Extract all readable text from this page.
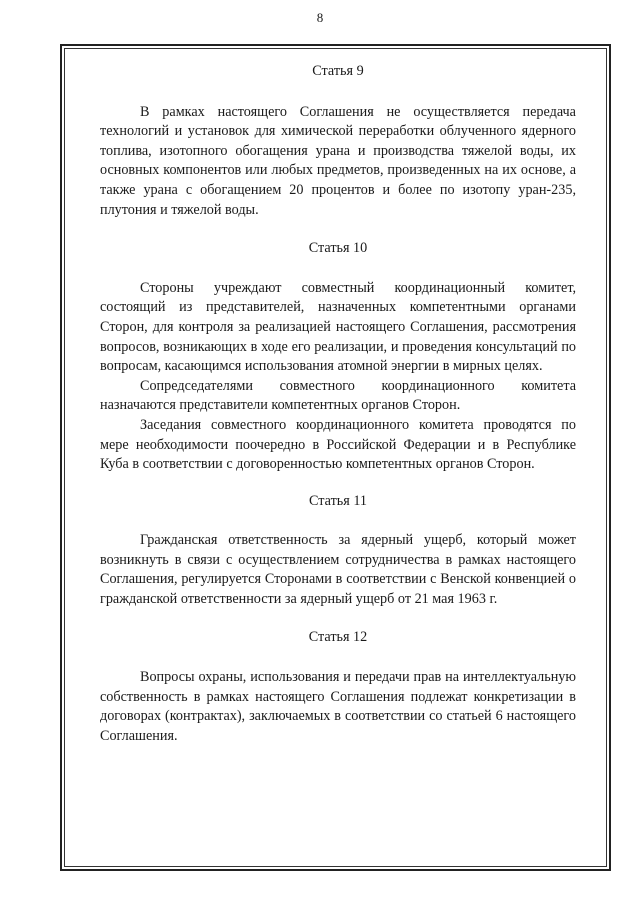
8

Статья 9

В рамках настоящего Соглашения не осуществляется передача технологий и установок для химической переработки облученного ядерного топлива, изотопного обогащения урана и производства тяжелой воды, их основных компонентов или любых предметов, произведенных на их основе, а также урана с обогащением 20 процентов и более по изотопу уран-235, плутония и тяжелой воды.

Статья 10

Стороны учреждают совместный координационный комитет, состоящий из представителей, назначенных компетентными органами Сторон, для контроля за реализацией настоящего Соглашения, рассмотрения вопросов, возникающих в ходе его реализации, и проведения консультаций по вопросам, касающимся использования атомной энергии в мирных целях.

Сопредседателями совместного координационного комитета назначаются представители компетентных органов Сторон.

Заседания совместного координационного комитета проводятся по мере необходимости поочередно в Российской Федерации и в Республике Куба в соответствии с договоренностью компетентных органов Сторон.

Статья 11

Гражданская ответственность за ядерный ущерб, который может возникнуть в связи с осуществлением сотрудничества в рамках настоящего Соглашения, регулируется Сторонами в соответствии с Венской конвенцией о гражданской ответственности за ядерный ущерб от 21 мая 1963 г.

Статья 12

Вопросы охраны, использования и передачи прав на интеллектуальную собственность в рамках настоящего Соглашения подлежат конкретизации в договорах (контрактах), заключаемых в соответствии со статьей 6 настоящего Соглашения.
